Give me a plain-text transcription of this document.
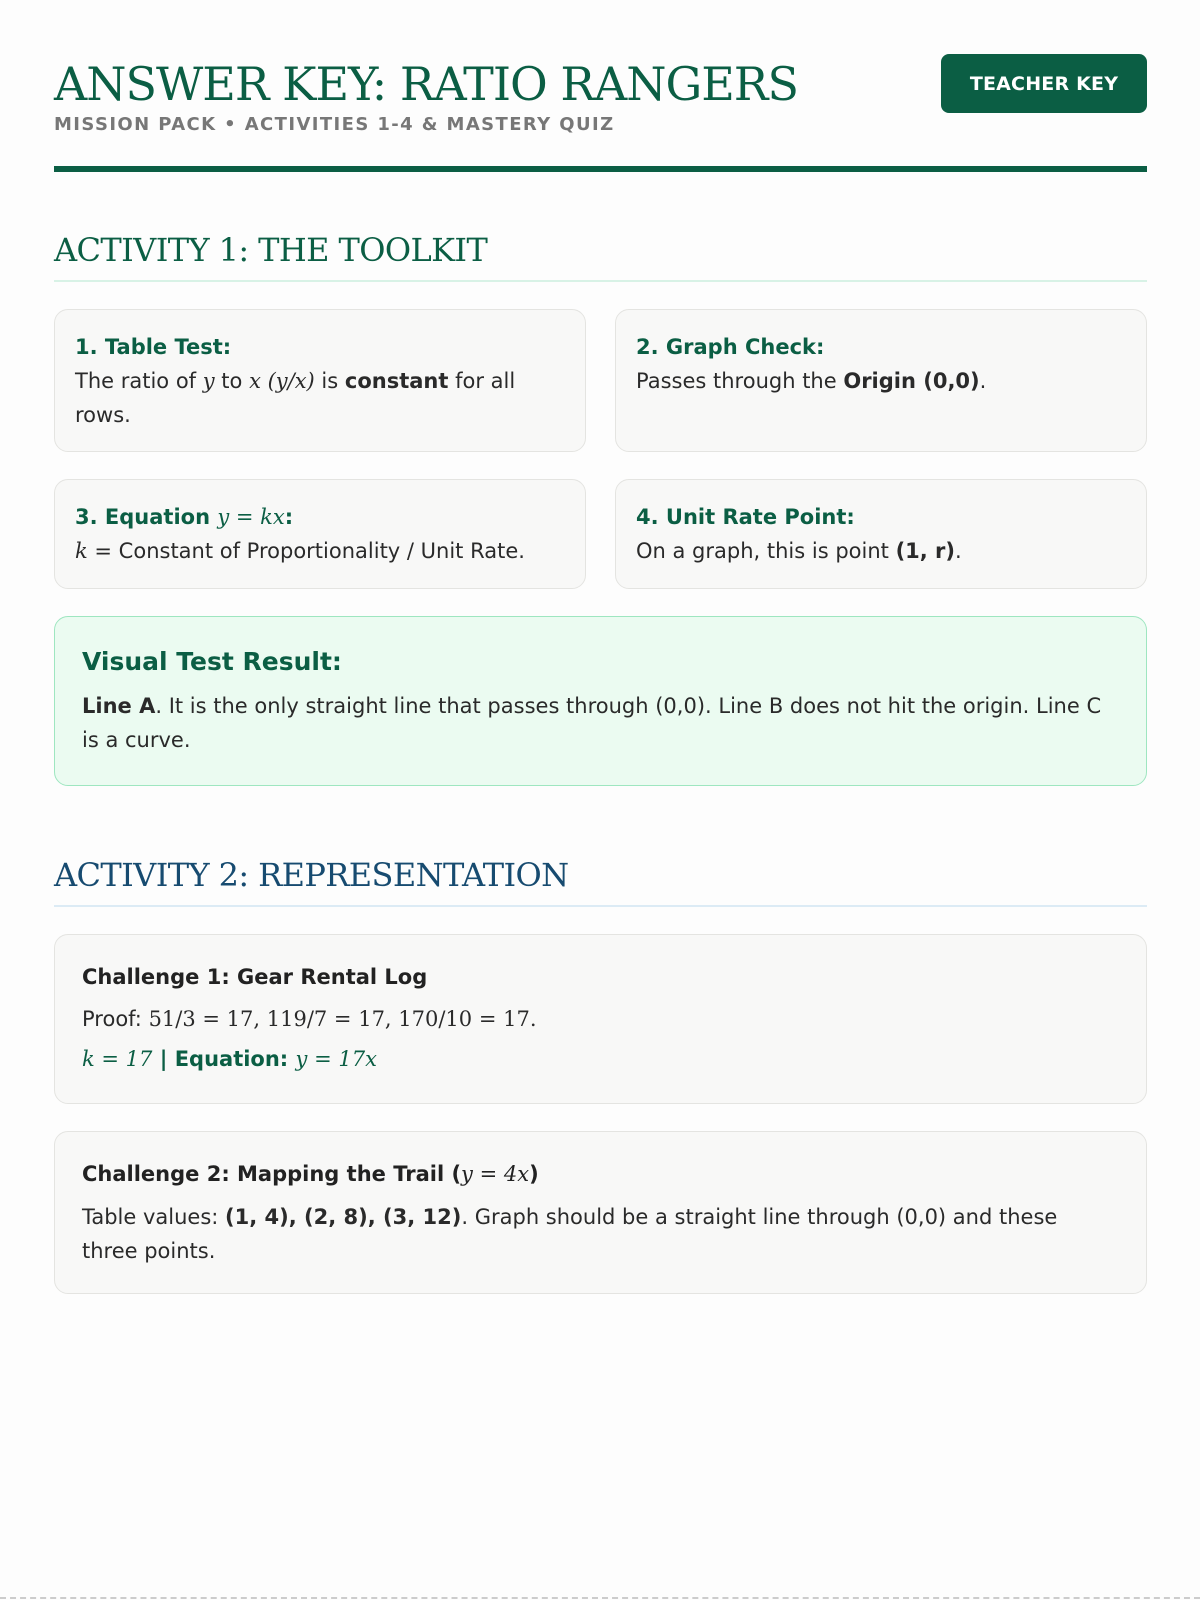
ANSWER KEY: RATIO RANGERS
MISSION PACK • ACTIVITIES 1-4 & MASTERY QUIZ
TEACHER KEY
ACTIVITY 1: THE TOOLKIT
1. Table Test:
The ratio of y to x (y/x) is constant for all rows.
2. Graph Check:
Passes through the Origin (0,0).
3. Equation y = kx:
k = Constant of Proportionality / Unit Rate.
4. Unit Rate Point:
On a graph, this is point (1, r).
Visual Test Result:
Line A. It is the only straight line that passes through (0,0). Line B does not hit the origin. Line C is a curve.
ACTIVITY 2: REPRESENTATION
Challenge 1: Gear Rental Log
Proof: 51/3 = 17, 119/7 = 17, 170/10 = 17.
k = 17 | Equation: y = 17x
Challenge 2: Mapping the Trail (y = 4x)
Table values: (1, 4), (2, 8), (3, 12). Graph should be a straight line through (0,0) and these three points.
